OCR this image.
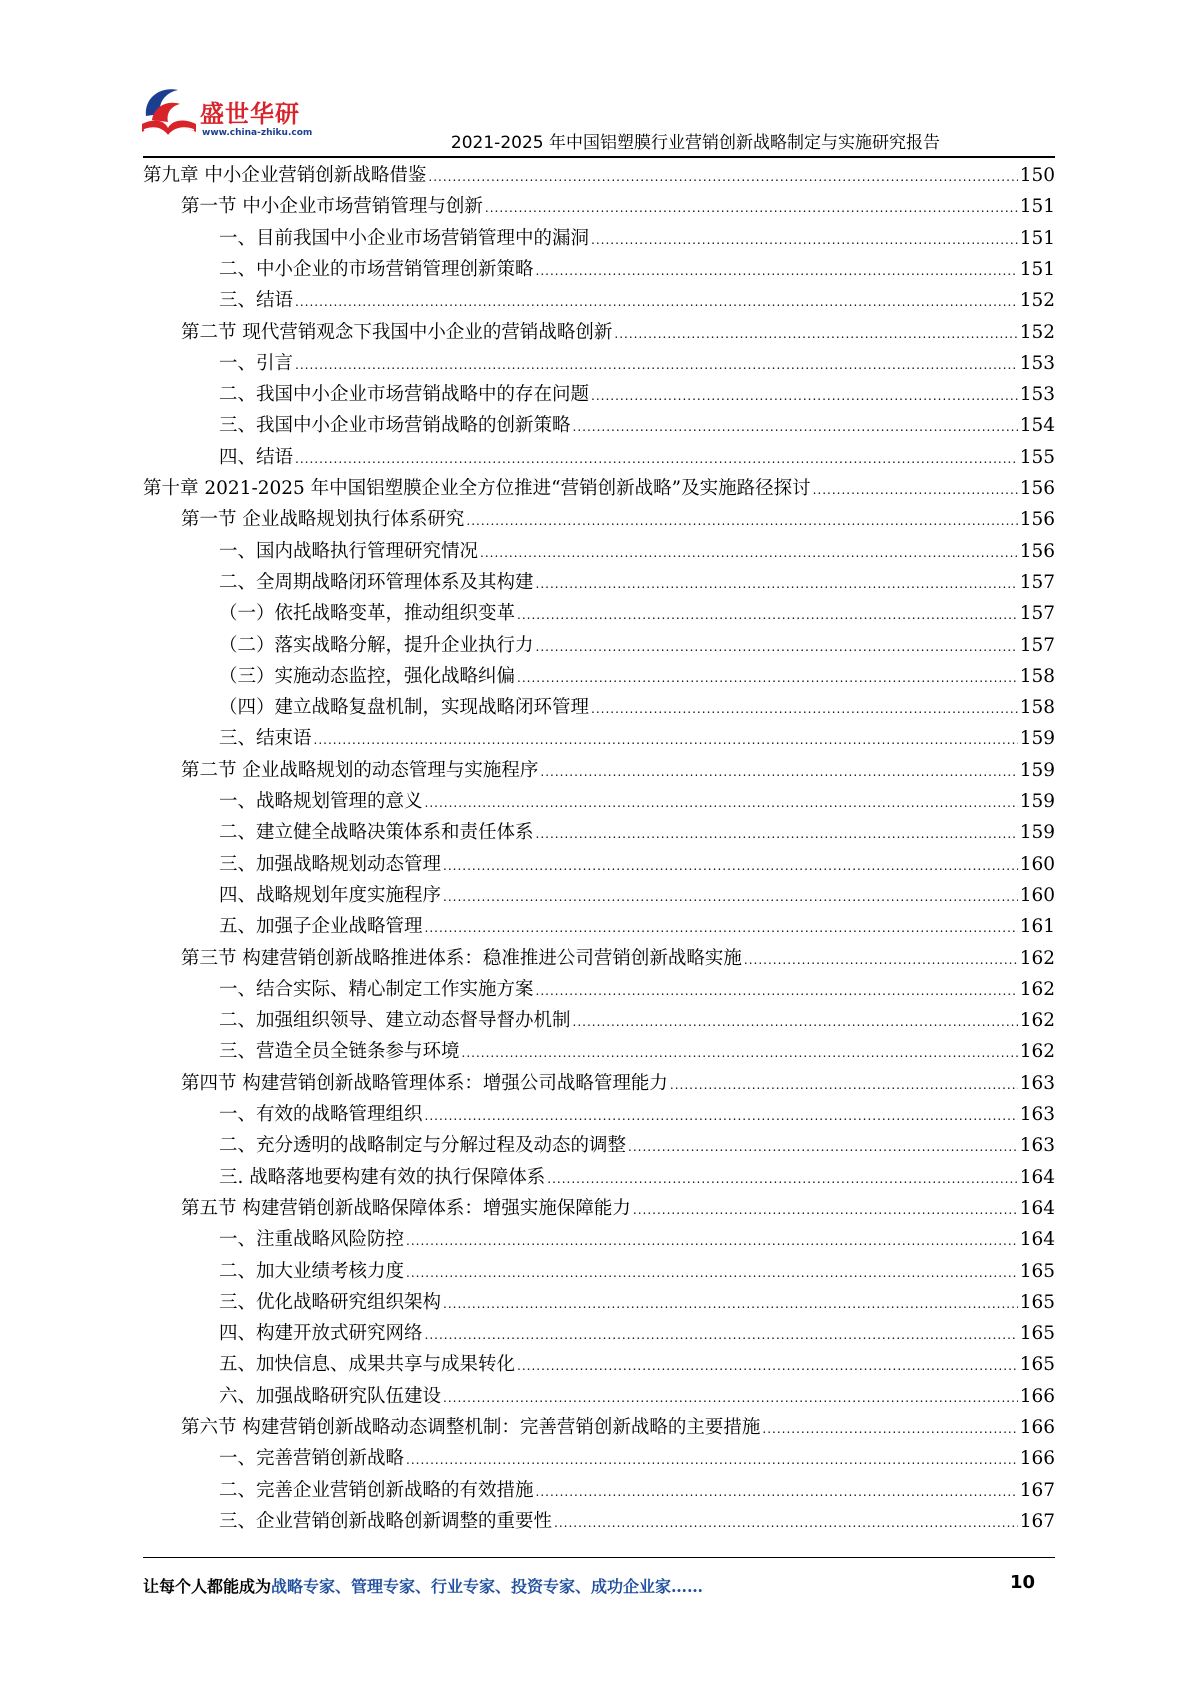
盛世华研
www.china-zhiku.com	2021-2025 年中国铝塑膜行业营销创新战略制定与实施研究报告
第九章 中小企业营销创新战略借鉴 .....	150
第一节 中小企业市场营销管理与创新 .....	151
一、目前我国中小企业市场营销管理中的漏洞 .....	151
二、中小企业的市场营销管理创新策略 .....	151
三、结语 .....	152
第二节 现代营销观念下我国中小企业的营销战略创新 .....	152
一、引言 .....	153
二、我国中小企业市场营销战略中的存在问题 .....	153
三、我国中小企业市场营销战略的创新策略 .....	154
四、结语 .....	155
第十章 2021-2025 年中国铝塑膜企业全方位推进“营销创新战略”及实施路径探讨 .....	156
第一节 企业战略规划执行体系研究 .....	156
一、国内战略执行管理研究情况 .....	156
二、全周期战略闭环管理体系及其构建 .....	157
（一）依托战略变革，推动组织变革 .....	157
（二）落实战略分解，提升企业执行力 .....	157
（三）实施动态监控，强化战略纠偏 .....	158
（四）建立战略复盘机制，实现战略闭环管理 .....	158
三、结束语 .....	159
第二节 企业战略规划的动态管理与实施程序 .....	159
一、战略规划管理的意义 .....	159
二、建立健全战略决策体系和责任体系 .....	159
三、加强战略规划动态管理 .....	160
四、战略规划年度实施程序 .....	160
五、加强子企业战略管理 .....	161
第三节 构建营销创新战略推进体系：稳准推进公司营销创新战略实施 .....	162
一、结合实际、精心制定工作实施方案 .....	162
二、加强组织领导、建立动态督导督办机制 .....	162
三、营造全员全链条参与环境 .....	162
第四节 构建营销创新战略管理体系：增强公司战略管理能力 .....	163
一、有效的战略管理组织 .....	163
二、充分透明的战略制定与分解过程及动态的调整 .....	163
三. 战略落地要构建有效的执行保障体系 .....	164
第五节 构建营销创新战略保障体系：增强实施保障能力 .....	164
一、注重战略风险防控 .....	164
二、加大业绩考核力度 .....	165
三、优化战略研究组织架构 .....	165
四、构建开放式研究网络 .....	165
五、加快信息、成果共享与成果转化 .....	165
六、加强战略研究队伍建设 .....	166
第六节 构建营销创新战略动态调整机制：完善营销创新战略的主要措施 .....	166
一、完善营销创新战略 .....	166
二、完善企业营销创新战略的有效措施 .....	167
三、企业营销创新战略创新调整的重要性 .....	167
让每个人都能成为战略专家、管理专家、行业专家、投资专家、成功企业家……	10
